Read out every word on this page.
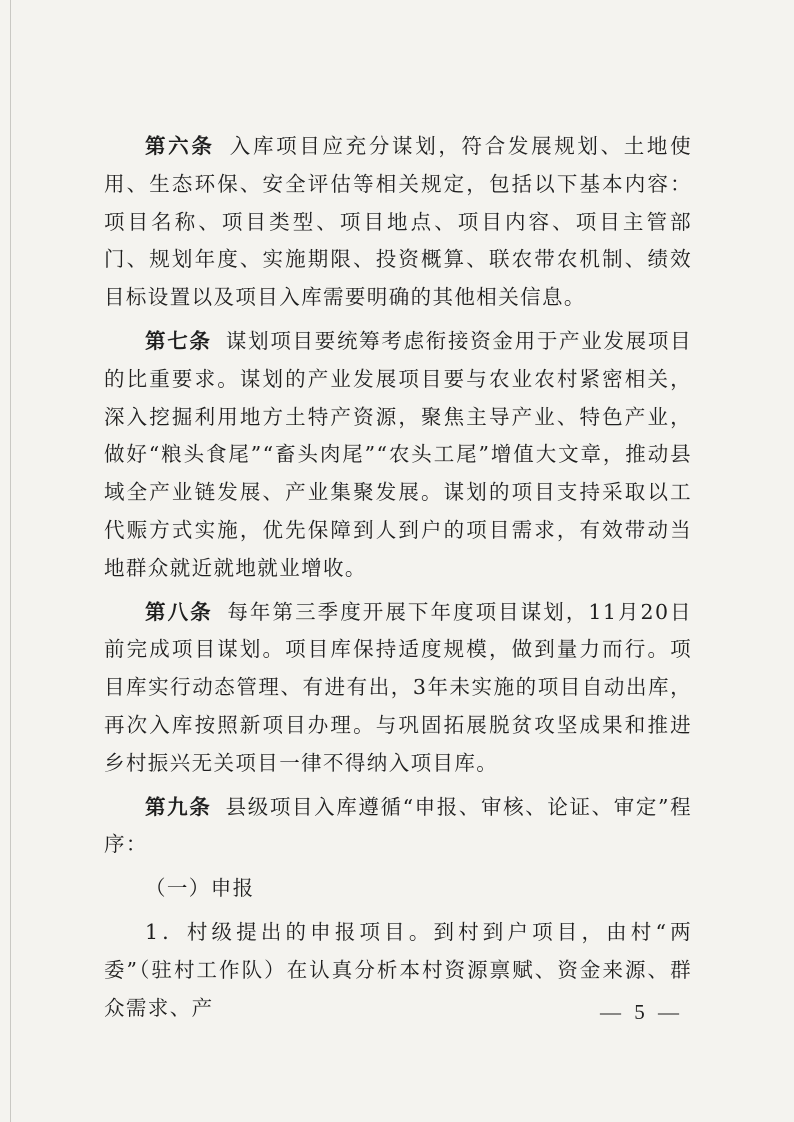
第六条 入库项目应充分谋划，符合发展规划、土地使用、生态环保、安全评估等相关规定，包括以下基本内容：项目名称、项目类型、项目地点、项目内容、项目主管部门、规划年度、实施期限、投资概算、联农带农机制、绩效目标设置以及项目入库需要明确的其他相关信息。

第七条 谋划项目要统筹考虑衔接资金用于产业发展项目的比重要求。谋划的产业发展项目要与农业农村紧密相关，深入挖掘利用地方土特产资源，聚焦主导产业、特色产业，做好“粮头食尾”“畜头肉尾”“农头工尾”增值大文章，推动县域全产业链发展、产业集聚发展。谋划的项目支持采取以工代赈方式实施，优先保障到人到户的项目需求，有效带动当地群众就近就地就业增收。

第八条 每年第三季度开展下年度项目谋划，11月20日前完成项目谋划。项目库保持适度规模，做到量力而行。项目库实行动态管理、有进有出，3年未实施的项目自动出库，再次入库按照新项目办理。与巩固拓展脱贫攻坚成果和推进乡村振兴无关项目一律不得纳入项目库。

第九条 县级项目入库遵循“申报、审核、论证、审定”程序：

（一）申报

1．村级提出的申报项目。到村到户项目，由村“两委”（驻村工作队）在认真分析本村资源禀赋、资金来源、群众需求、产	— 5 —
